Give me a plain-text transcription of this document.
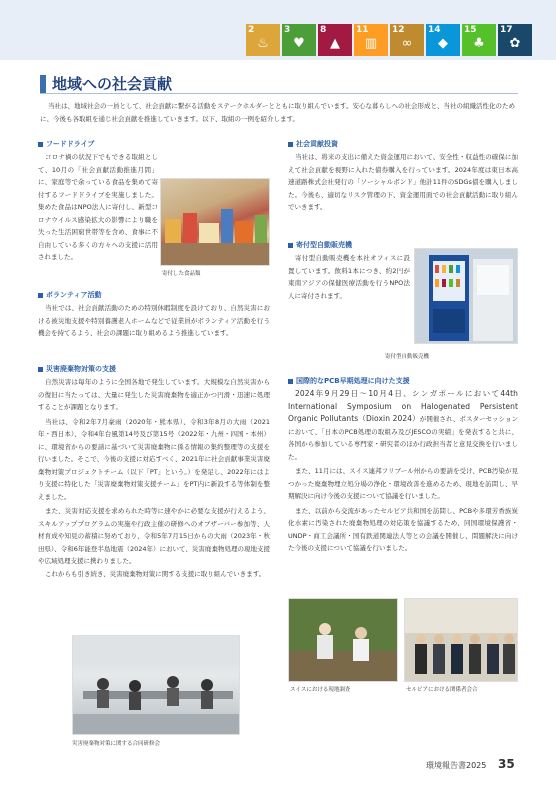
2
♨
3
♥
8
▲
11
▥
12
∞
14
◆
15
♣
17
✿
地域への社会貢献
当社は、地域社会の一員として、社会貢献に繋がる活動をステークホルダーとともに取り組んでいます。安心な暮らしへの社会形成と、当社の組織活性化のために、今後も各取組を通じ社会貢献を推進していきます。以下、取組の一例を紹介します。
フードドライブ
コロナ禍の状況下でもできる取組として、10月の「社会貢献活動推進月間」に、家庭等で余っている食品を集めて寄付するフードドライブを実施しました。集めた食品はNPO法人に寄付し、新型コロナウイルス感染拡大の影響により職を失った生活困窮世帯等を含め、食事に不自由している多くの方々への支援に活用されました。
寄付した食品類
ボランティア活動
当社では、社会貢献活動のための特別休暇制度を設けており、自然災害における被災地支援や特別養護老人ホームなどで従業員がボランティア活動を行う機会を持てるよう、社会の課題に取り組めるよう推進しています。
災害廃棄物対策の支援
自然災害は毎年のように全国各地で発生しています。大規模な自然災害からの復旧に当たっては、大量に発生した災害廃棄物を適正かつ円滑・迅速に処理することが課題となります。
当社は、令和2年7月豪雨（2020年・熊本県）、令和3年8月の大雨（2021年・西日本）、令和4年台風第14号及び第15号（2022年・九州・四国・本州）に、環境省からの要請に基づいて災害廃棄物に係る情報の集約整理等の支援を行いました。そこで、今後の支援に対応すべく、2021年に社会貢献事業災害廃棄物対策プロジェクトチーム（以下「PT」という。）を発足し、2022年にはより支援に特化した「災害廃棄物対策支援チーム」をPT内に新設する等体制を整えました。
また、災害対応支援を求められた時等に速やかに必要な支援が行えるよう、スキルアッププログラムの実施や行政主催の研修へのオブザーバー参加等、人材育成や知見の蓄積に努めており、令和5年7月15日からの大雨（2023年・秋田県）、令和6年能登半島地震（2024年）において、災害廃棄物処理の現地支援や広域処理支援に携わりました。
これからも引き続き、災害廃棄物対策に関する支援に取り組んでいきます。
災害廃棄物対策に関する合同研修会
社会貢献投資
当社は、将来の支出に備えた資金運用において、安全性・収益性の確保に加えて社会貢献を視野に入れた債券購入を行っています。2024年度は東日本高速道路株式会社発行の「ソーシャルボンド」他計11件のSDGs債を購入しました。今後も、適切なリスク管理の下、資金運用面での社会貢献活動に取り組んでいきます。
寄付型自動販売機
寄付型自動販売機を本社オフィスに設置しています。飲料1本につき、約2円が東南アジアの保健医療活動を行うNPO法人に寄付されます。
寄付型自動販売機
国際的なPCB早期処理に向けた支援
2024年9月29日〜10月4日、シンガポールにおいて44th International Symposium on Halogenated Persistent Organic Pollutants（Dioxin 2024）が開催され、ポスターセッションにおいて、「日本のPCB処理の取組み及びJESCOの実績」を発表すると共に、各国から参加している専門家・研究者のほか行政担当者と意見交換を行いました。
また、11月には、スイス連邦フリブール州からの要請を受け、PCB汚染が見つかった廃棄物埋立処分場の浄化・環境改善を進めるため、現地を訪問し、早期解決に向け今後の支援について協議を行いました。
また、以前から交流があったセルビア共和国を訪問し、PCBや多環芳香族炭化水素に汚染された廃棄物処理の対応策を協議するため、同国環境保護省・UNDP・商工会議所・国有鉄道関連法人等との会議を開催し、問題解決に向けた今後の支援について協議を行いました。
スイスにおける現地調査	セルビアにおける関係者会合
環境報告書2025 35
